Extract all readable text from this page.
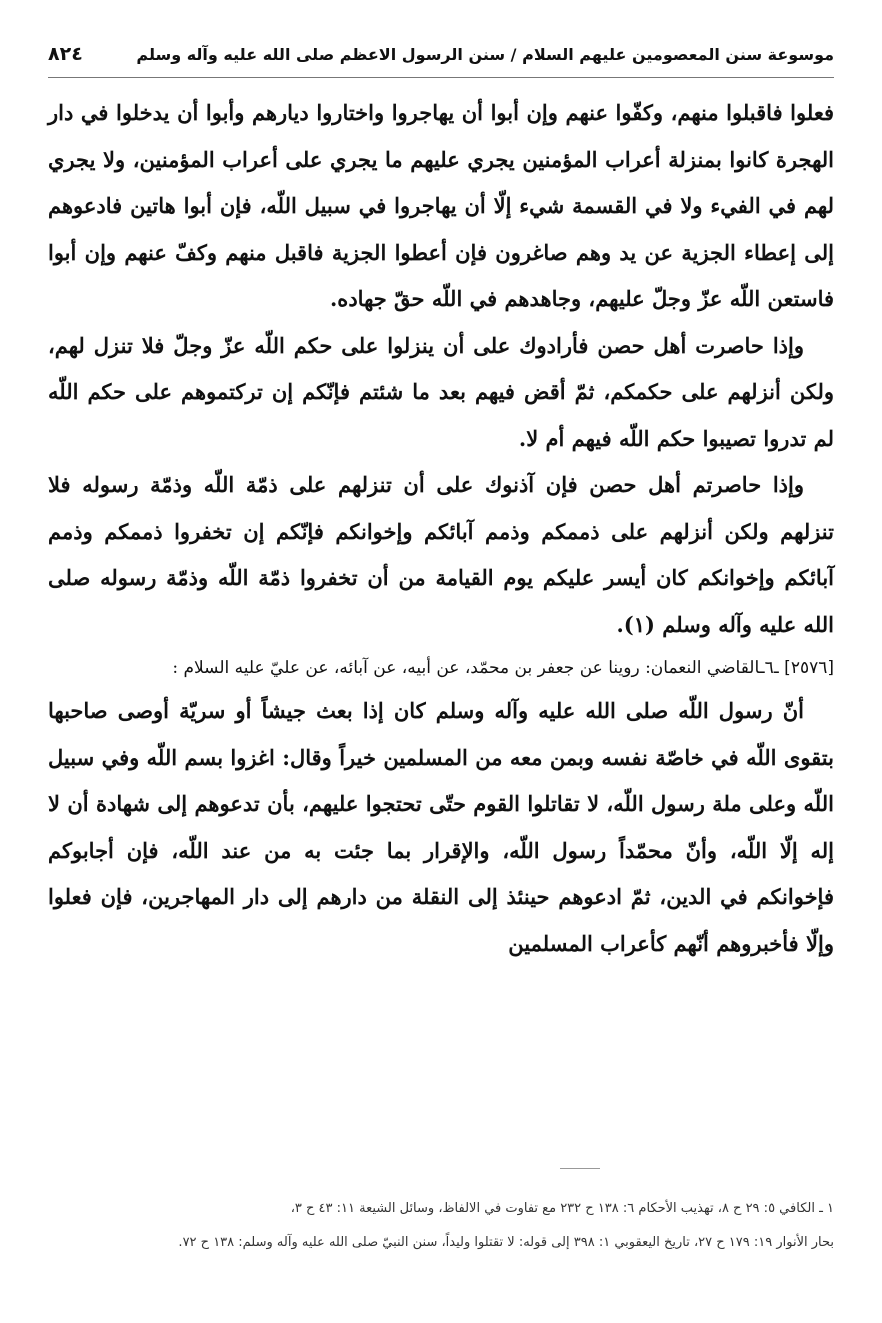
موسوعة سنن المعصومين عليهم السلام / سنن الرسول الاعظم صلى الله عليه وآله وسلم
٨٢٤

فعلوا فاقبلوا منهم، وكفّوا عنهم وإن أبوا أن يهاجروا واختاروا ديارهم وأبوا أن يدخلوا في دار الهجرة كانوا بمنزلة أعراب المؤمنين يجري عليهم ما يجري على أعراب المؤمنين، ولا يجري لهم في الفيء ولا في القسمة شيء إلّا أن يهاجروا في سبيل اللّه، فإن أبوا هاتين فادعوهم إلى إعطاء الجزية عن يد وهم صاغرون فإن أعطوا الجزية فاقبل منهم وكفّ عنهم وإن أبوا فاستعن اللّه عزّ وجلّ عليهم، وجاهدهم في اللّه حقّ جهاده.

وإذا حاصرت أهل حصن فأرادوك على أن ينزلوا على حكم اللّه عزّ وجلّ فلا تنزل لهم، ولكن أنزلهم على حكمكم، ثمّ أقض فيهم بعد ما شئتم فإنّكم إن تركتموهم على حكم اللّه لم تدروا تصيبوا حكم اللّه فيهم أم لا.

وإذا حاصرتم أهل حصن فإن آذنوك على أن تنزلهم على ذمّة اللّه وذمّة رسوله فلا تنزلهم ولكن أنزلهم على ذممكم وذمم آبائكم وإخوانكم فإنّكم إن تخفروا ذممكم وذمم آبائكم وإخوانكم كان أيسر عليكم يوم القيامة من أن تخفروا ذمّة اللّه وذمّة رسوله صلى الله عليه وآله وسلم (١).

[٢٥٧٦] ـ٦ـالقاضي النعمان: روينا عن جعفر بن محمّد، عن أبيه، عن آبائه، عن عليّ عليه السلام :

أنّ رسول اللّه صلى الله عليه وآله وسلم كان إذا بعث جيشاً أو سريّة أوصى صاحبها بتقوى اللّه في خاصّة نفسه وبمن معه من المسلمين خيراً وقال: اغزوا بسم اللّه وفي سبيل اللّه وعلى ملة رسول اللّه، لا تقاتلوا القوم حتّى تحتجوا عليهم، بأن تدعوهم إلى شهادة أن لا إله إلّا اللّه، وأنّ محمّداً رسول اللّه، والإقرار بما جئت به من عند اللّه، فإن أجابوكم فإخوانكم في الدين، ثمّ ادعوهم حينئذ إلى النقلة من دارهم إلى دار المهاجرين، فإن فعلوا وإلّا فأخبروهم أنّهم كأعراب المسلمين

١ ـ الكافي ٥: ٢٩ ح ٨، تهذيب الأحكام ٦: ١٣٨ ح ٢٣٢ مع تفاوت في الالفاظ، وسائل الشيعة ١١: ٤٣ ح ٣،

بحار الأنوار ١٩: ١٧٩ ح ٢٧، تاريخ اليعقوبي ١: ٣٩٨ إلى قوله: لا تقتلوا وليداً، سنن النبيّ صلى الله عليه وآله وسلم: ١٣٨ ح ٧٢.
